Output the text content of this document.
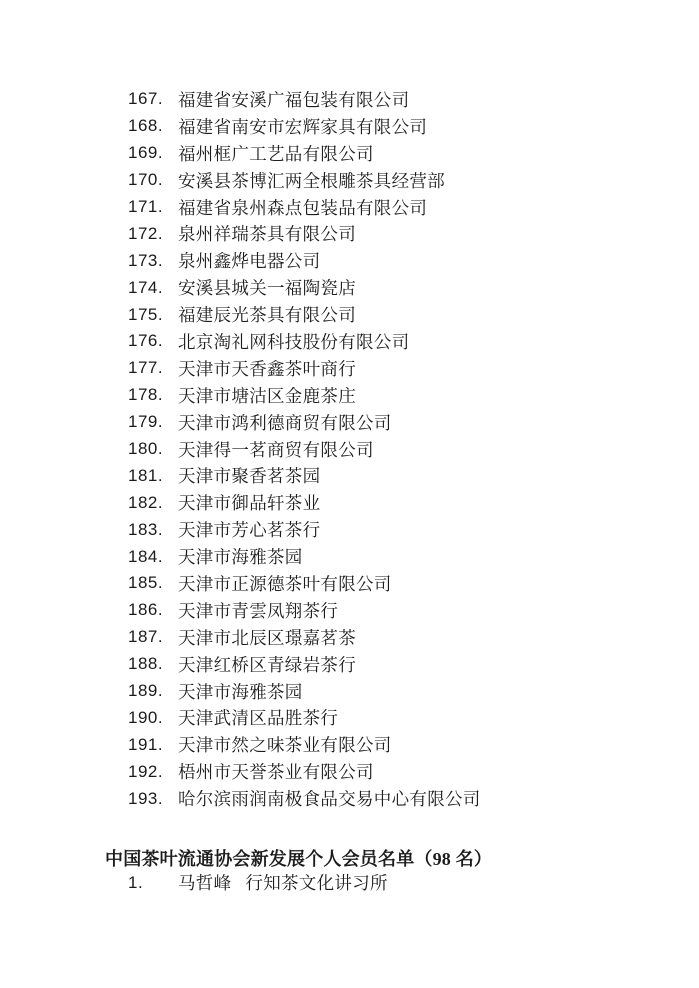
167. 福建省安溪广福包装有限公司
168. 福建省南安市宏辉家具有限公司
169. 福州框广工艺品有限公司
170. 安溪县茶博汇两全根雕茶具经营部
171. 福建省泉州森点包装品有限公司
172. 泉州祥瑞茶具有限公司
173. 泉州鑫烨电器公司
174. 安溪县城关一福陶瓷店
175. 福建辰光茶具有限公司
176. 北京淘礼网科技股份有限公司
177. 天津市天香鑫茶叶商行
178. 天津市塘沽区金鹿茶庄
179. 天津市鸿利德商贸有限公司
180. 天津得一茗商贸有限公司
181. 天津市聚香茗茶园
182. 天津市御品轩茶业
183. 天津市芳心茗茶行
184. 天津市海雅茶园
185. 天津市正源德茶叶有限公司
186. 天津市青雲凤翔茶行
187. 天津市北辰区璟嘉茗茶
188. 天津红桥区青绿岩茶行
189. 天津市海雅茶园
190. 天津武清区品胜茶行
191. 天津市然之味茶业有限公司
192. 梧州市天誉茶业有限公司
193. 哈尔滨雨润南极食品交易中心有限公司
中国茶叶流通协会新发展个人会员名单（98 名）
1.	马哲峰 行知茶文化讲习所
